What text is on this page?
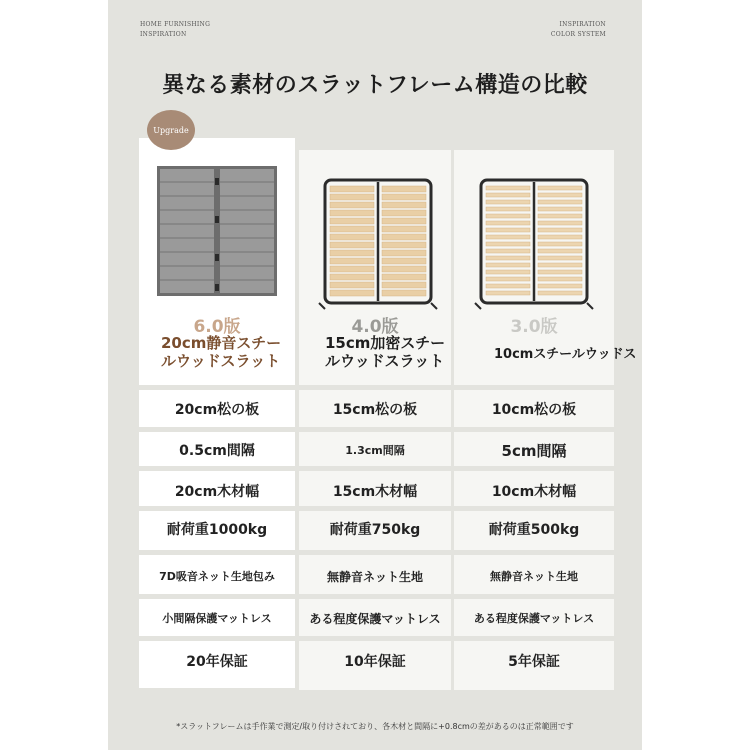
HOME FURNISHING
INSPIRATION
INSPIRATION
COLOR SYSTEM
異なる素材のスラットフレーム構造の比較
6.0版
20cm静音スチー
ルウッドスラット
20cm松の板
0.5cm間隔
20cm木材幅
耐荷重1000kg
7D吸音ネット生地包み
小間隔保護マットレス
20年保証
Upgrade
4.0版
15cm加密スチー
ルウッドスラット
15cm松の板
1.3cm間隔
15cm木材幅
耐荷重750kg
無静音ネット生地
ある程度保護マットレス
10年保証
3.0版
10cmスチールウッドス
10cm松の板
5cm間隔
10cm木材幅
耐荷重500kg
無静音ネット生地
ある程度保護マットレス
5年保証
*スラットフレームは手作業で測定/取り付けされており、各木材と間隔に+0.8cmの差があるのは正常範囲です
